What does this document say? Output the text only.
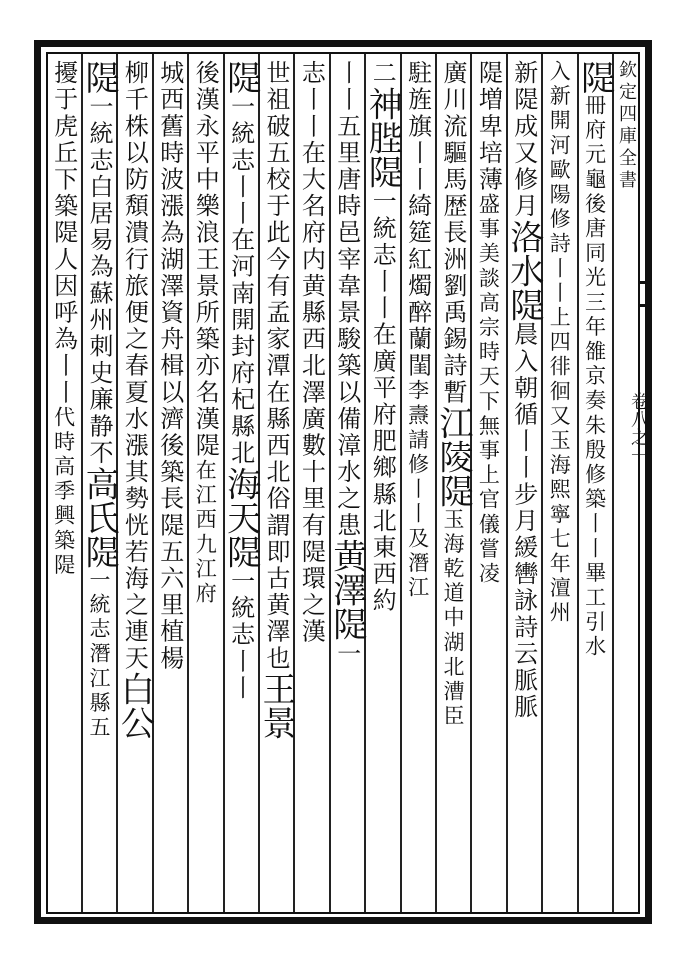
欽定四庫全書
卷八之一
隄冊府元龜後唐同光三年雒京奏朱殷修築丨丨畢工引水
入新開河歐陽修詩丨丨上四徘徊又玉海熙寧七年澶州
新隄成又修月洛水隄晨入朝循丨丨步月緩轡詠詩云脈脈
隄増卑培薄盛事美談高宗時天下無事上官儀嘗凌
廣川流驅馬歴長洲劉禹錫詩暫江陵隄玉海乾道中湖北漕臣
駐旌旗丨丨綺筵紅燭醉蘭閨李燾請修丨丨及潛江
二神䏶隄一統志丨丨在廣平府肥鄉縣北東西約
丨丨五里唐時邑宰韋景駿築以備漳水之患黄澤隄一
志丨丨在大名府内黄縣西北澤廣數十里有隄環之漢
世祖破五校于此今有孟家潭在縣西北俗謂即古黄澤也王景
隄一統志丨丨在河南開封府杞縣北海天隄一統志丨丨
後漢永平中樂浪王景所築亦名漢隄在江西九江府
城西舊時波漲為湖澤資舟楫以濟後築長隄五六里植楊
柳千株以防頽潰行旅便之春夏水漲其勢恍若海之連天白公
隄一統志白居易為蘇州刺史廉静不高氏隄一統志潛江縣五
擾于虎丘下築隄人因呼為丨丨代時高季興築隄
